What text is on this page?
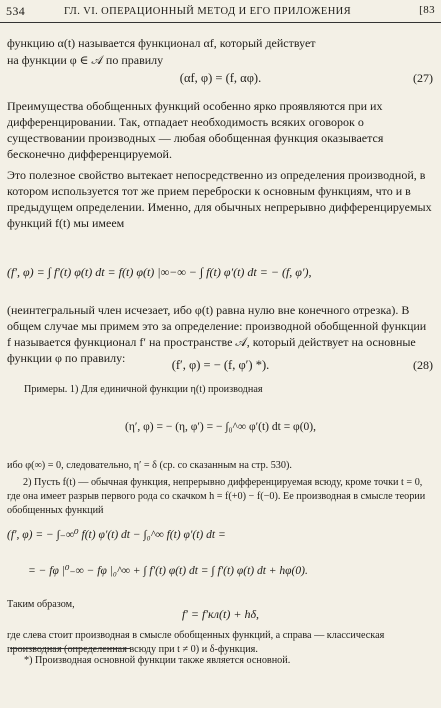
534	ГЛ. VI. ОПЕРАЦИОННЫЙ МЕТОД И ЕГО ПРИЛОЖЕНИЯ	[83
функцию α(t) называется функционал αf, который действует
на функции φ ∈ 𝒜 по правилу
(αf, φ) = (f, αφ).	(27)
Преимущества обобщенных функций особенно ярко проявляются при их дифференцировании. Так, отпадает необходимость всяких оговорок о существовании производных — любая обобщенная функция оказывается бесконечно дифференцируемой.
Это полезное свойство вытекает непосредственно из определения производной, в котором используется тот же прием переброски к основным функциям, что и в предыдущем определении. Именно, для обычных непрерывно дифференцируемых функций f(t) мы имеем
(f′, φ) = ∫ f′(t) φ(t) dt = f(t) φ(t) |∞−∞ − ∫ f(t) φ′(t) dt = − (f, φ′),
(неинтегральный член исчезает, ибо φ(t) равна нулю вне конечного отрезка). В общем случае мы примем это за определение: производной обобщенной функции f называется функционал f′ на пространстве 𝒜, который действует на основные функции φ по правилу:	(f′, φ) = − (f, φ′) *).	(28)
Примеры. 1) Для единичной функции η(t) производная
(η′, φ) = − (η, φ′) = − ∫₀^∞ φ′(t) dt = φ(0),
ибо φ(∞) = 0, следовательно, η′ = δ (ср. со сказанным на стр. 530).
2) Пусть f(t) — обычная функция, непрерывно дифференцируемая всюду, кроме точки t = 0, где она имеет разрыв первого рода со скачком h = f(+0) − f(−0). Ее производная в смысле теории обобщенных функций
(f′, φ) = − ∫₋∞⁰ f(t) φ′(t) dt − ∫₀^∞ f(t) φ′(t) dt =
= − fφ |⁰₋∞ − fφ |₀^∞ + ∫ f′(t) φ(t) dt = ∫ f′(t) φ(t) dt + hφ(0).
Таким образом,
f′ = f′кл(t) + hδ,
где слева стоит производная в смысле обобщенных функций, а справа — классическая производная (определенная всюду при t ≠ 0) и δ-функция.
*) Производная основной функции также является основной.
